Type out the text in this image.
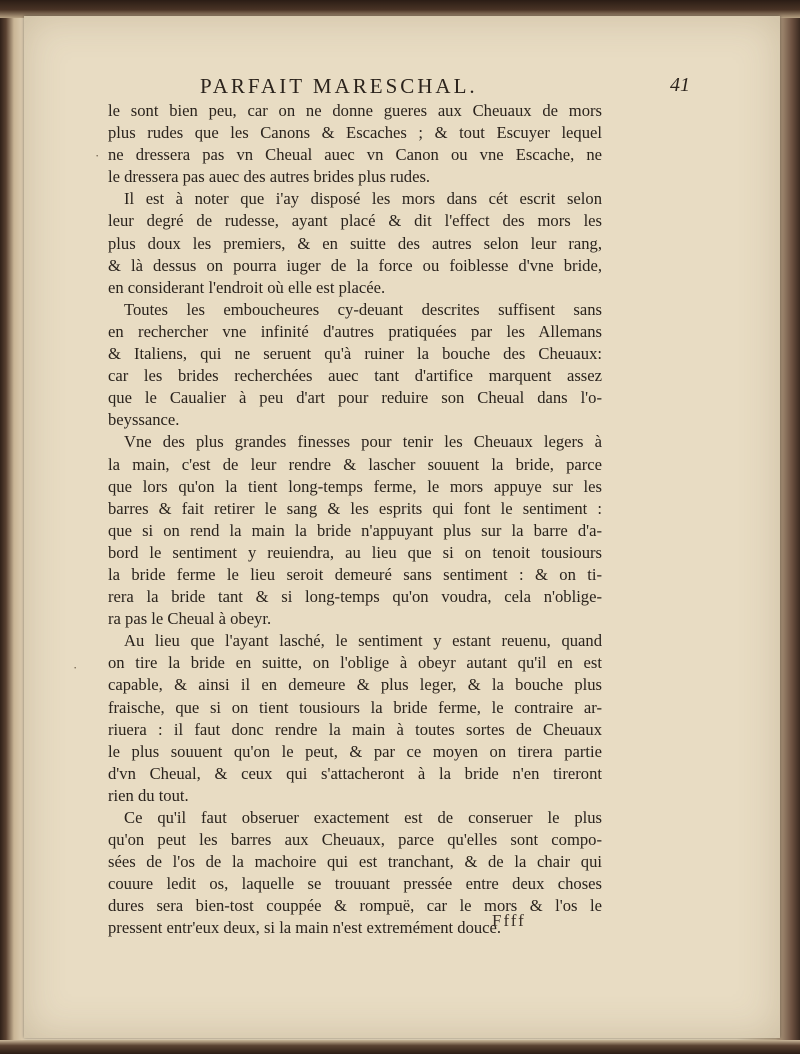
PARFAIT MARESCHAL.	41
le sont bien peu, car on ne donne gueres aux Cheuaux de mors
plus rudes que les Canons & Escaches ; & tout Escuyer lequel
ne dressera pas vn Cheual auec vn Canon ou vne Escache, ne
le dressera pas auec des autres brides plus rudes.
Il est à noter que i'ay disposé les mors dans cét escrit selon
leur degré de rudesse, ayant placé & dit l'effect des mors les
plus doux les premiers, & en suitte des autres selon leur rang,
& là dessus on pourra iuger de la force ou foiblesse d'vne bride,
en considerant l'endroit où elle est placée.
Toutes les emboucheures cy-deuant descrites suffisent sans
en rechercher vne infinité d'autres pratiquées par les Allemans
& Italiens, qui ne seruent qu'à ruiner la bouche des Cheuaux:
car les brides recherchées auec tant d'artifice marquent assez
que le Caualier à peu d'art pour reduire son Cheual dans l'o-
beyssance.
Vne des plus grandes finesses pour tenir les Cheuaux legers à
la main, c'est de leur rendre & lascher souuent la bride, parce
que lors qu'on la tient long-temps ferme, le mors appuye sur les
barres & fait retirer le sang & les esprits qui font le sentiment :
que si on rend la main la bride n'appuyant plus sur la barre d'a-
bord le sentiment y reuiendra, au lieu que si on tenoit tousiours
la bride ferme le lieu seroit demeuré sans sentiment : & on ti-
rera la bride tant & si long-temps qu'on voudra, cela n'oblige-
ra pas le Cheual à obeyr.
Au lieu que l'ayant lasché, le sentiment y estant reuenu, quand
on tire la bride en suitte, on l'oblige à obeyr autant qu'il en est
capable, & ainsi il en demeure & plus leger, & la bouche plus
fraische, que si on tient tousiours la bride ferme, le contraire ar-
riuera : il faut donc rendre la main à toutes sortes de Cheuaux
le plus souuent qu'on le peut, & par ce moyen on tirera partie
d'vn Cheual, & ceux qui s'attacheront à la bride n'en tireront
rien du tout.
Ce qu'il faut obseruer exactement est de conseruer le plus
qu'on peut les barres aux Cheuaux, parce qu'elles sont compo-
sées de l'os de la machoire qui est tranchant, & de la chair qui
couure ledit os, laquelle se trouuant pressée entre deux choses
dures sera bien-tost couppée & rompuë, car le mors & l'os le
pressent entr'eux deux, si la main n'est extremément douce.
Ffff
·
·
